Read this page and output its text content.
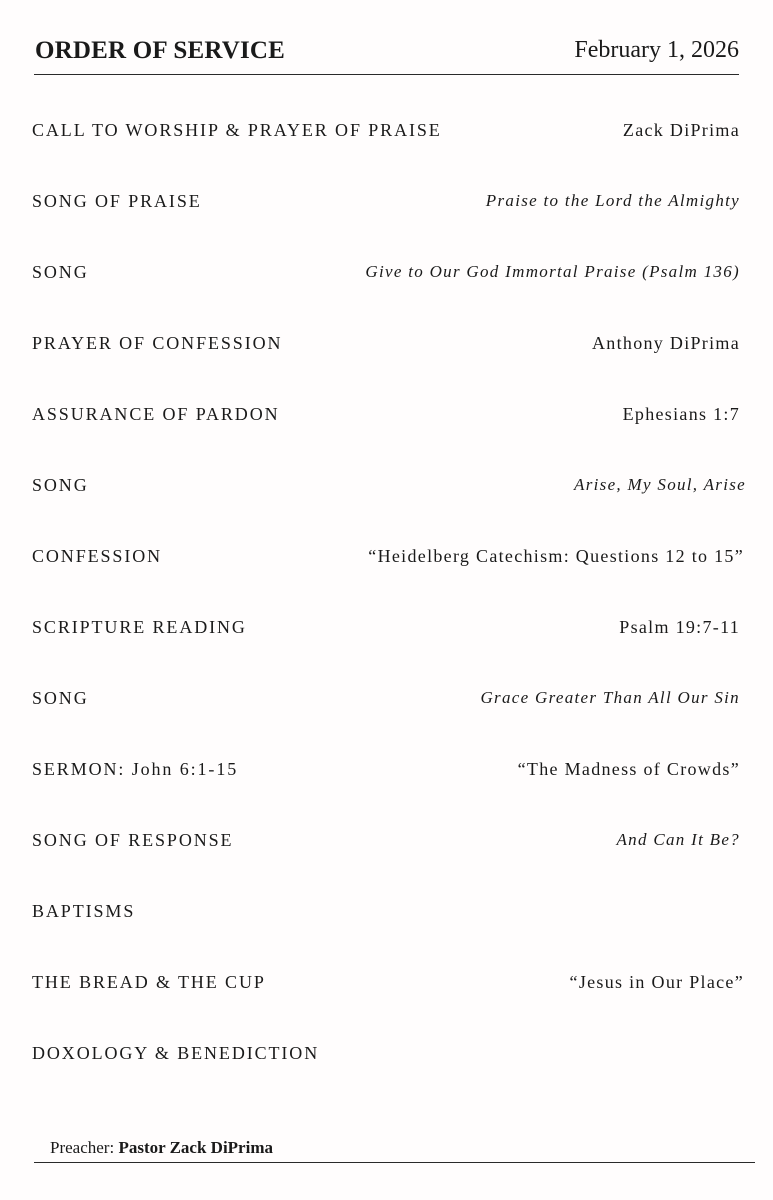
ORDER OF SERVICE	February 1, 2026
CALL TO WORSHIP & PRAYER OF PRAISE	Zack DiPrima
SONG OF PRAISE	Praise to the Lord the Almighty
SONG	Give to Our God Immortal Praise (Psalm 136)
PRAYER OF CONFESSION	Anthony DiPrima
ASSURANCE OF PARDON	Ephesians 1:7
SONG	Arise, My Soul, Arise
CONFESSION	“Heidelberg Catechism: Questions 12 to 15”
SCRIPTURE READING	Psalm 19:7-11
SONG	Grace Greater Than All Our Sin
SERMON: John 6:1-15	“The Madness of Crowds”
SONG OF RESPONSE	And Can It Be?
BAPTISMS
THE BREAD & THE CUP	“Jesus in Our Place”
DOXOLOGY & BENEDICTION
Preacher: Pastor Zack DiPrima
